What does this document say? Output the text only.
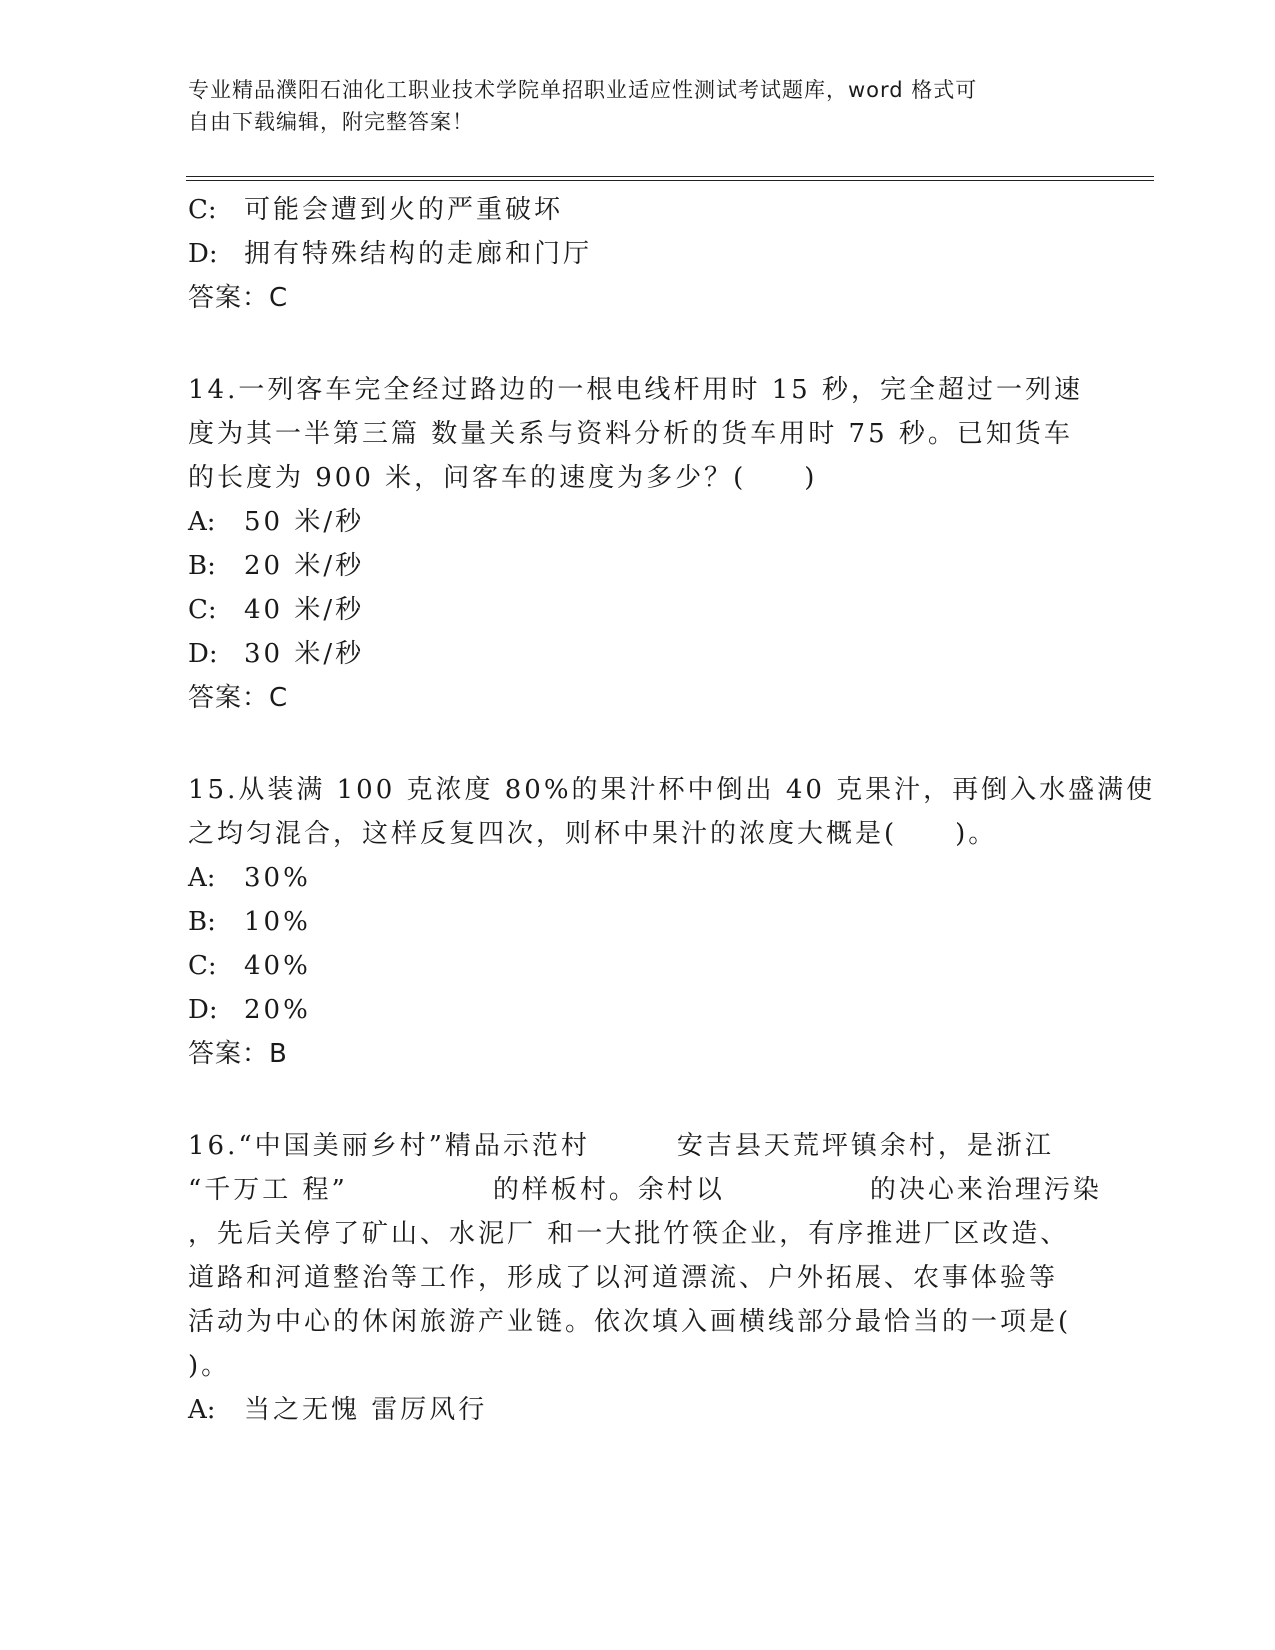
专业精品濮阳石油化工职业技术学院单招职业适应性测试考试题库，word 格式可
自由下载编辑，附完整答案！
C: 可能会遭到火的严重破坏
D: 拥有特殊结构的走廊和门厅
答案：C
14.一列客车完全经过路边的一根电线杆用时 15 秒，完全超过一列速
度为其一半第三篇 数量关系与资料分析的货车用时 75 秒。已知货车
的长度为 900 米，问客车的速度为多少？(　　)
A: 50 米/秒
B: 20 米/秒
C: 40 米/秒
D: 30 米/秒
答案：C
15.从装满 100 克浓度 80%的果汁杯中倒出 40 克果汁，再倒入水盛满使
之均匀混合，这样反复四次，则杯中果汁的浓度大概是(　　)。
A: 30%
B: 10%
C: 40%
D: 20%
答案：B
16.“中国美丽乡村”精品示范村　　　安吉县天荒坪镇余村，是浙江
“千万工 程”　　　　　的样板村。余村以　　　　　的决心来治理污染
，先后关停了矿山、水泥厂 和一大批竹筷企业，有序推进厂区改造、
道路和河道整治等工作，形成了以河道漂流、户外拓展、农事体验等
活动为中心的休闲旅游产业链。依次填入画横线部分最恰当的一项是(
)。
A: 当之无愧 雷厉风行
